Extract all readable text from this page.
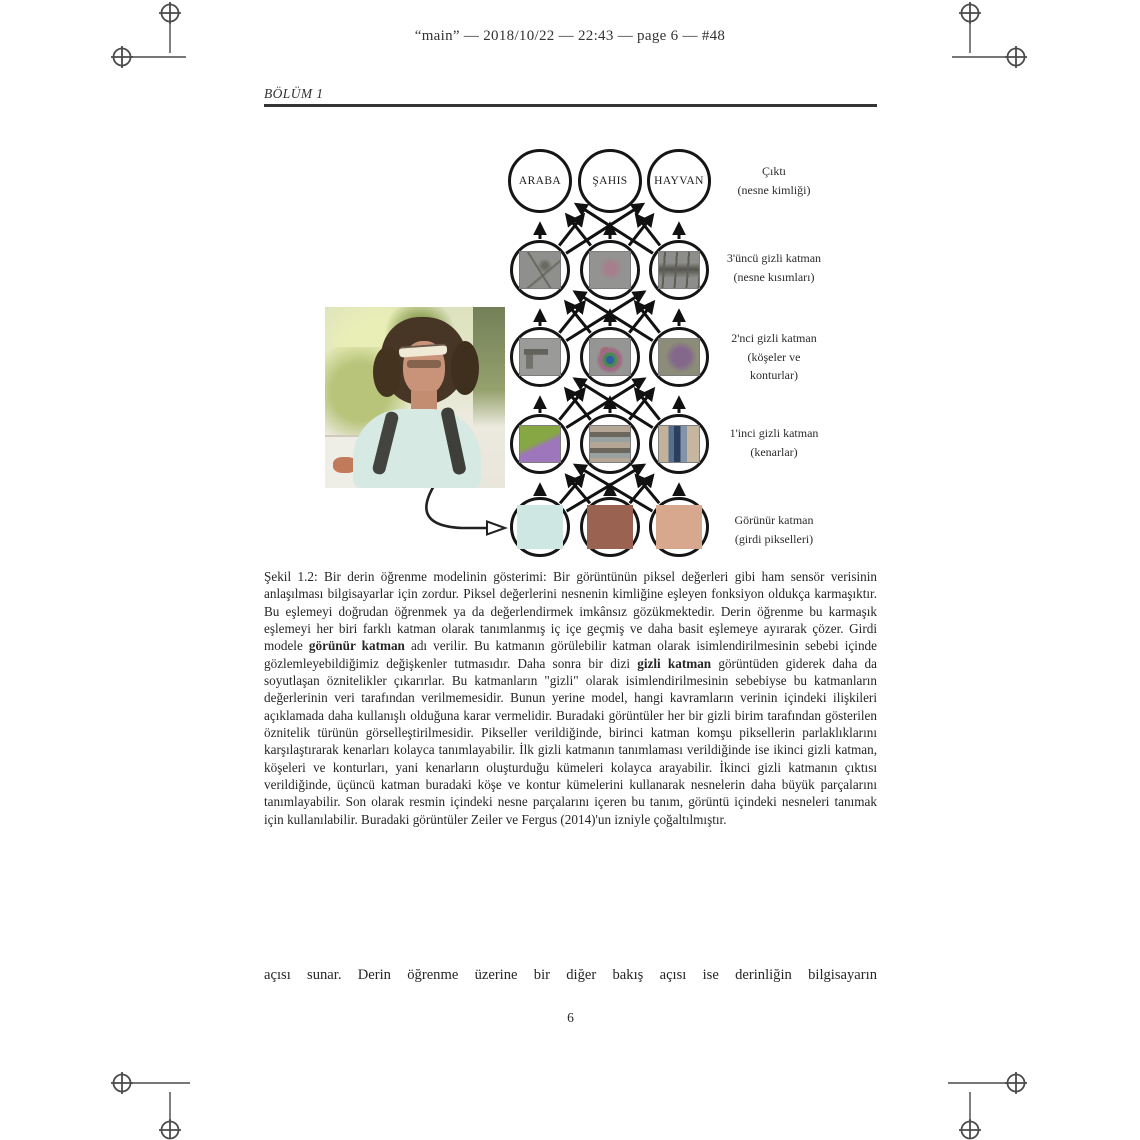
“main” — 2018/10/22 — 22:43 — page 6 — #48
BÖLÜM 1
ARABA	ŞAHIS HAYVAN
Çıktı
(nesne kimliği)
3'üncü gizli katman
(nesne kısımları)
2'nci gizli katman
(köşeler ve
konturlar)
1'inci gizli katman
(kenarlar)
Görünür katman
(girdi pikselleri)
Şekil 1.2: Bir derin öğrenme modelinin gösterimi: Bir görüntünün piksel değerleri gibi ham sensör verisinin anlaşılması bilgisayarlar için zordur. Piksel değerlerini nesnenin kimliğine eşleyen fonksiyon oldukça karmaşıktır. Bu eşlemeyi doğrudan öğrenmek ya da değerlendirmek imkânsız gözükmektedir. Derin öğrenme bu karmaşık eşlemeyi her biri farklı katman olarak tanımlanmış iç içe geçmiş ve daha basit eşlemeye ayırarak çözer. Girdi modele görünür katman adı verilir. Bu katmanın görülebilir katman olarak isimlendirilmesinin sebebi içinde gözlemleyebildiğimiz değişkenler tutmasıdır. Daha sonra bir dizi gizli katman görüntüden giderek daha da soyutlaşan öznitelikler çıkarırlar. Bu katmanların "gizli" olarak isimlendirilmesinin sebebiyse bu katmanların değerlerinin veri tarafından verilmemesidir. Bunun yerine model, hangi kavramların verinin içindeki ilişkileri açıklamada daha kullanışlı olduğuna karar vermelidir. Buradaki görüntüler her bir gizli birim tarafından gösterilen öznitelik türünün görselleştirilmesidir. Pikseller verildiğinde, birinci katman komşu piksellerin parlaklıklarını karşılaştırarak kenarları kolayca tanımlayabilir. İlk gizli katmanın tanımlaması verildiğinde ise ikinci gizli katman, köşeleri ve konturları, yani kenarların oluşturduğu kümeleri kolayca arayabilir. İkinci gizli katmanın çıktısı verildiğinde, üçüncü katman buradaki köşe ve kontur kümelerini kullanarak nesnelerin daha büyük parçalarını tanımlayabilir. Son olarak resmin içindeki nesne parçalarını içeren bu tanım, görüntü içindeki nesneleri tanımak için kullanılabilir. Buradaki görüntüler Zeiler ve Fergus (2014)'un izniyle çoğaltılmıştır.
açısı sunar. Derin öğrenme üzerine bir diğer bakış açısı ise derinliğin bilgisayarın
6
